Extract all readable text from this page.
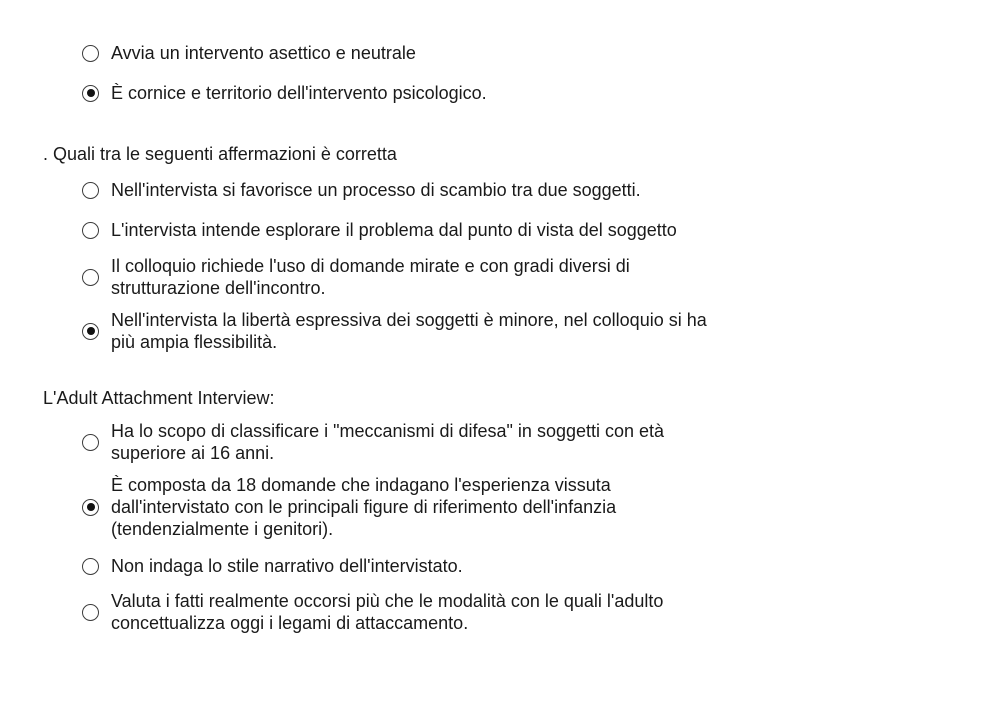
Avvia un intervento asettico e neutrale
È cornice e territorio dell'intervento psicologico.
. Quali tra le seguenti affermazioni è corretta
Nell'intervista si favorisce un processo di scambio tra due soggetti.
L'intervista intende esplorare il problema dal punto di vista del soggetto
Il colloquio richiede l'uso di domande mirate e con gradi diversi di strutturazione dell'incontro.
Nell'intervista la libertà espressiva dei soggetti è minore, nel colloquio si ha più ampia flessibilità.
L'Adult Attachment Interview:
Ha lo scopo di classificare i "meccanismi di difesa" in soggetti con età superiore ai 16 anni.
È composta da 18 domande che indagano l'esperienza vissuta dall'intervistato con le principali figure di riferimento dell'infanzia (tendenzialmente i genitori).
Non indaga lo stile narrativo dell'intervistato.
Valuta i fatti realmente occorsi più che le modalità con le quali l'adulto concettualizza oggi i legami di attaccamento.
